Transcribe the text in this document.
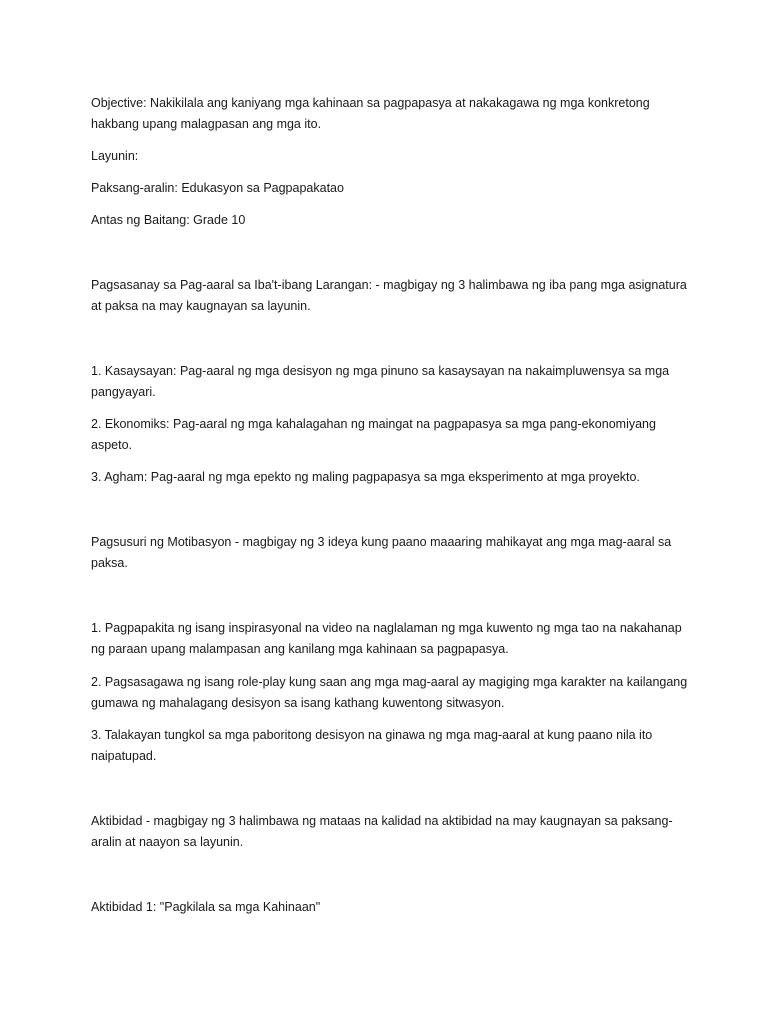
Objective: Nakikilala ang kaniyang mga kahinaan sa pagpapasya at nakakagawa ng mga konkretong hakbang upang malagpasan ang mga ito.

Layunin:

Paksang-aralin: Edukasyon sa Pagpapakatao

Antas ng Baitang: Grade 10

Pagsasanay sa Pag-aaral sa Iba't-ibang Larangan: - magbigay ng 3 halimbawa ng iba pang mga asignatura at paksa na may kaugnayan sa layunin.

1. Kasaysayan: Pag-aaral ng mga desisyon ng mga pinuno sa kasaysayan na nakaimpluwensya sa mga pangyayari.

2. Ekonomiks: Pag-aaral ng mga kahalagahan ng maingat na pagpapasya sa mga pang-ekonomiyang aspeto.

3. Agham: Pag-aaral ng mga epekto ng maling pagpapasya sa mga eksperimento at mga proyekto.

Pagsusuri ng Motibasyon - magbigay ng 3 ideya kung paano maaaring mahikayat ang mga mag-aaral sa paksa.

1. Pagpapakita ng isang inspirasyonal na video na naglalaman ng mga kuwento ng mga tao na nakahanap ng paraan upang malampasan ang kanilang mga kahinaan sa pagpapasya.

2. Pagsasagawa ng isang role-play kung saan ang mga mag-aaral ay magiging mga karakter na kailangang gumawa ng mahalagang desisyon sa isang kathang kuwentong sitwasyon.

3. Talakayan tungkol sa mga paboritong desisyon na ginawa ng mga mag-aaral at kung paano nila ito naipatupad.

Aktibidad - magbigay ng 3 halimbawa ng mataas na kalidad na aktibidad na may kaugnayan sa paksang-aralin at naayon sa layunin.

Aktibidad 1: "Pagkilala sa mga Kahinaan"
